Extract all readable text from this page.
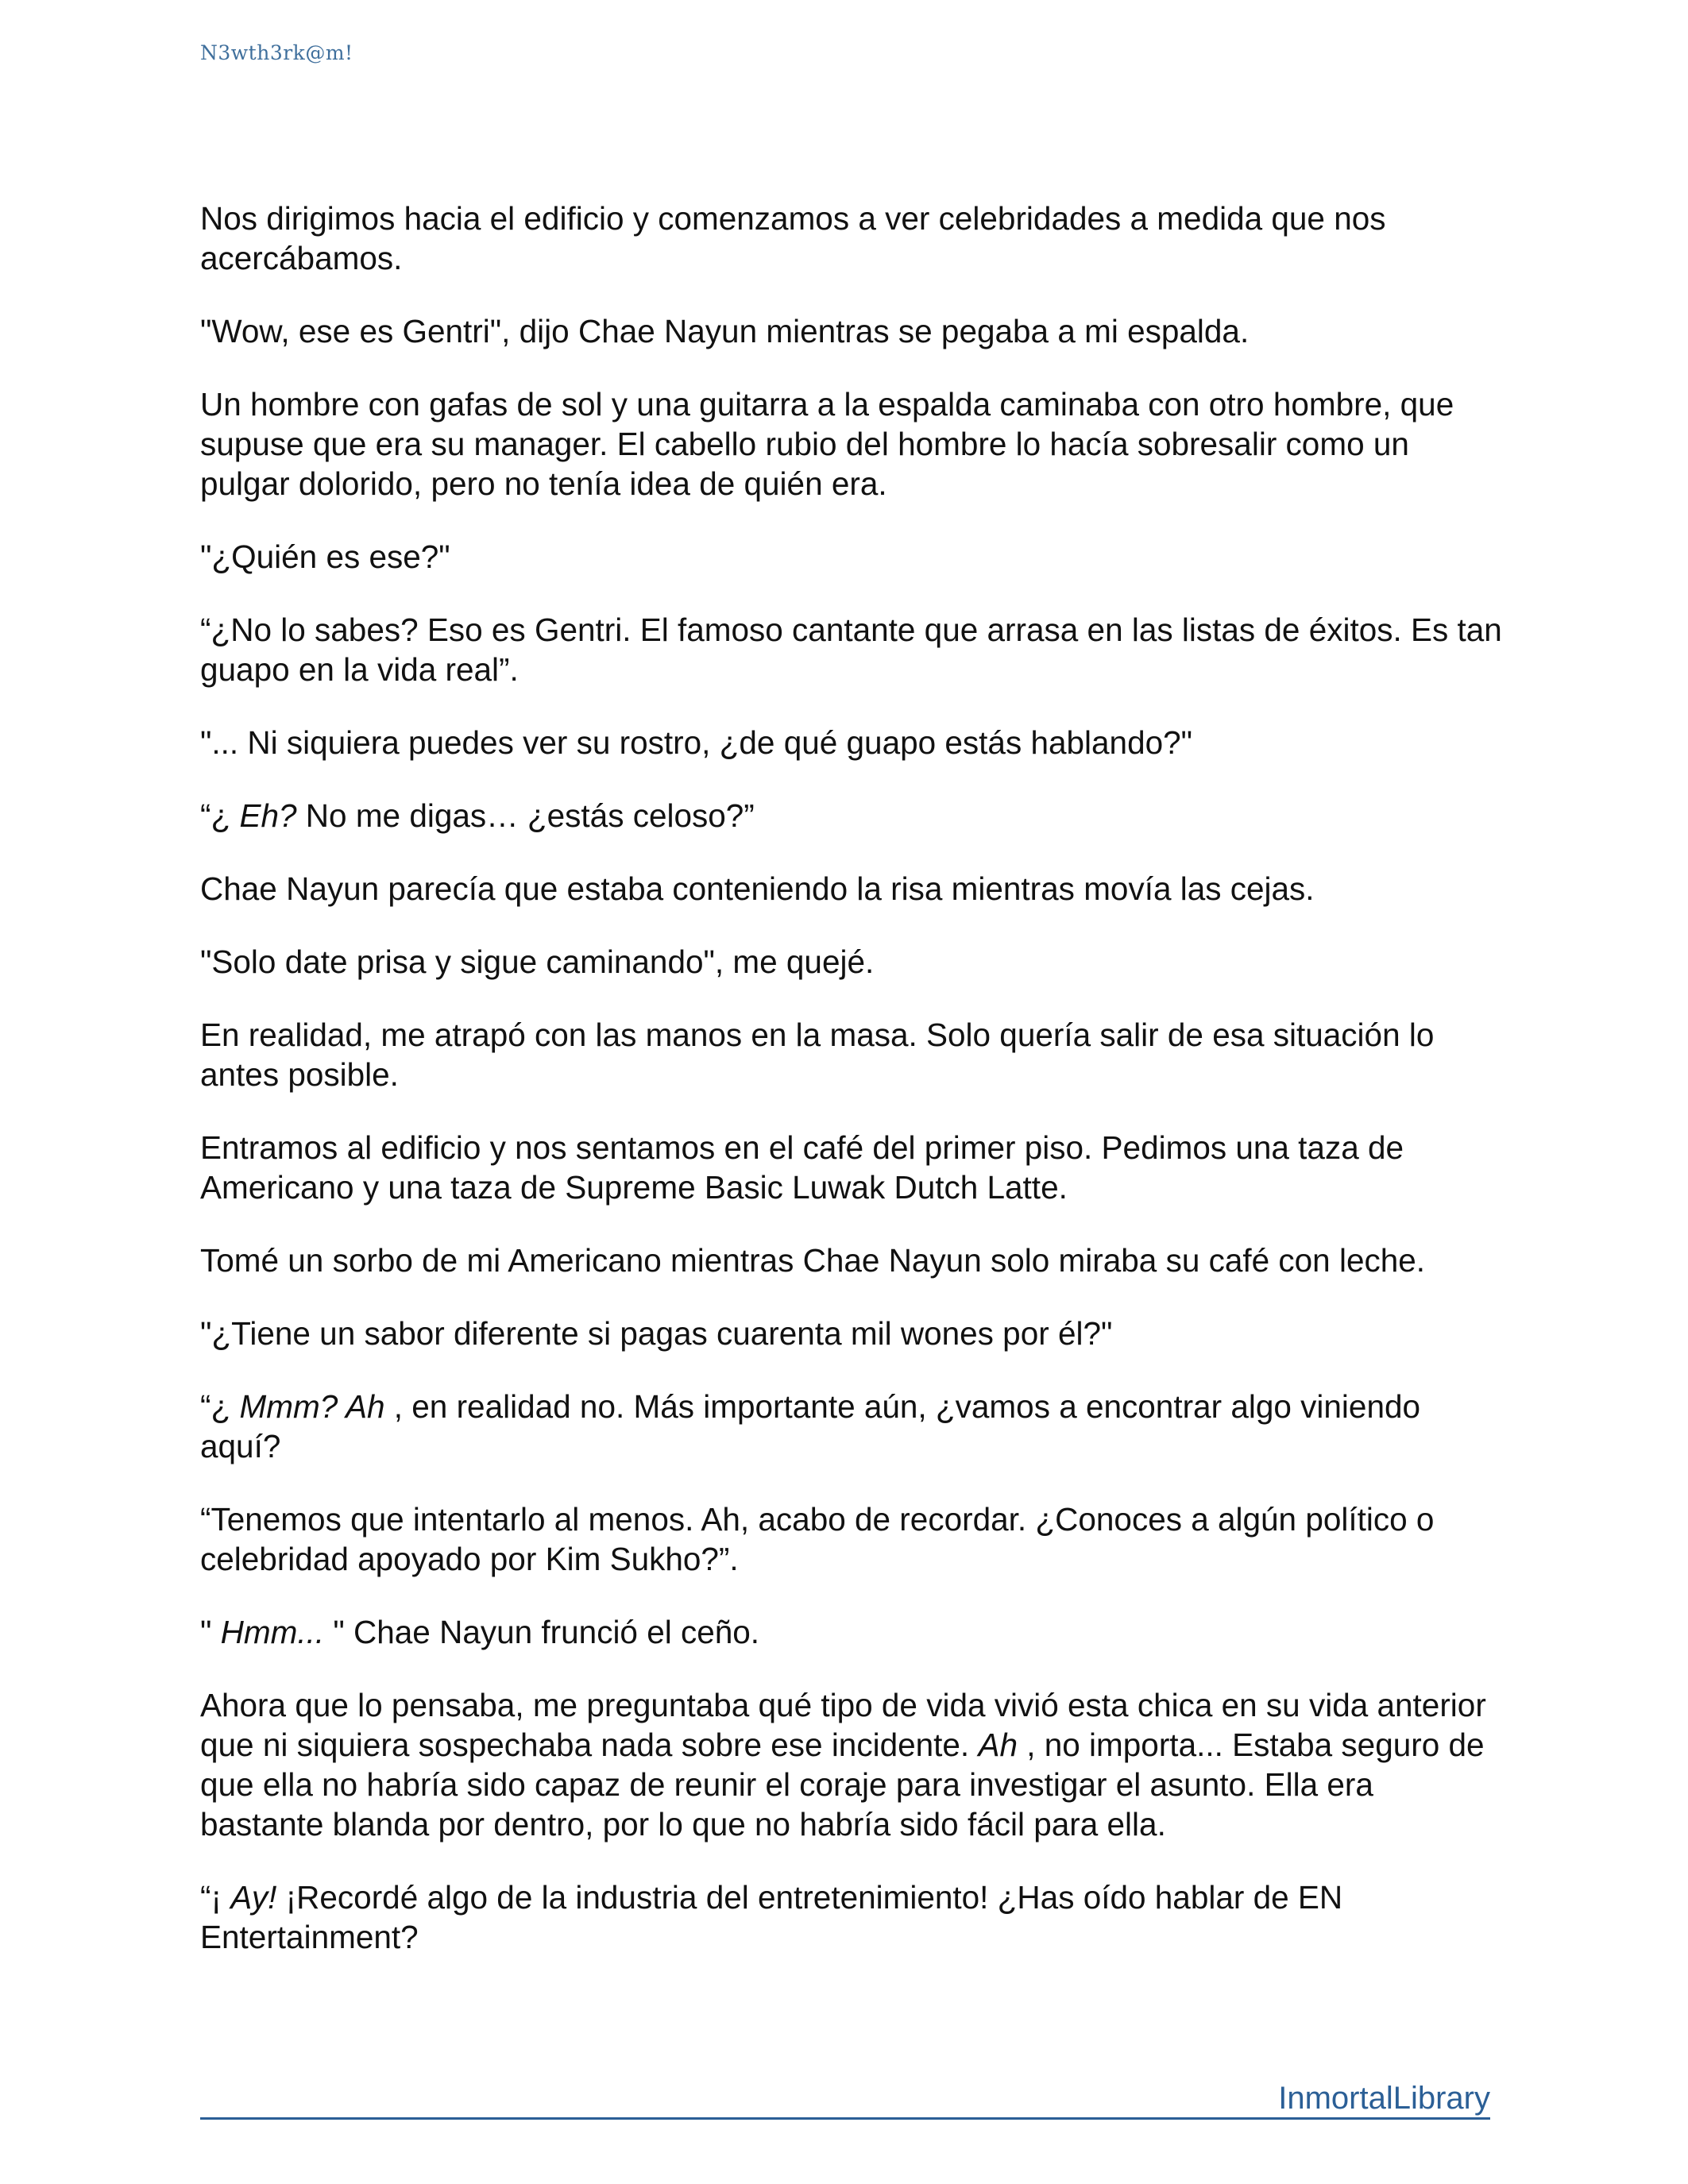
N3wth3rk@m!

Nos dirigimos hacia el edificio y comenzamos a ver celebridades a medida que nos acercábamos.

"Wow, ese es Gentri", dijo Chae Nayun mientras se pegaba a mi espalda.

Un hombre con gafas de sol y una guitarra a la espalda caminaba con otro hombre, que supuse que era su manager. El cabello rubio del hombre lo hacía sobresalir como un pulgar dolorido, pero no tenía idea de quién era.

"¿Quién es ese?"

“¿No lo sabes? Eso es Gentri. El famoso cantante que arrasa en las listas de éxitos. Es tan guapo en la vida real”.

"... Ni siquiera puedes ver su rostro, ¿de qué guapo estás hablando?"

“¿ Eh? No me digas… ¿estás celoso?”

Chae Nayun parecía que estaba conteniendo la risa mientras movía las cejas.

"Solo date prisa y sigue caminando", me quejé.

En realidad, me atrapó con las manos en la masa. Solo quería salir de esa situación lo antes posible.

Entramos al edificio y nos sentamos en el café del primer piso. Pedimos una taza de Americano y una taza de Supreme Basic Luwak Dutch Latte.

Tomé un sorbo de mi Americano mientras Chae Nayun solo miraba su café con leche.

"¿Tiene un sabor diferente si pagas cuarenta mil wones por él?"

“¿ Mmm? Ah , en realidad no. Más importante aún, ¿vamos a encontrar algo viniendo aquí?

“Tenemos que intentarlo al menos. Ah, acabo de recordar. ¿Conoces a algún político o celebridad apoyado por Kim Sukho?”.

" Hmm... " Chae Nayun frunció el ceño.

Ahora que lo pensaba, me preguntaba qué tipo de vida vivió esta chica en su vida anterior que ni siquiera sospechaba nada sobre ese incidente. Ah , no importa... Estaba seguro de que ella no habría sido capaz de reunir el coraje para investigar el asunto. Ella era bastante blanda por dentro, por lo que no habría sido fácil para ella.

“¡ Ay! ¡Recordé algo de la industria del entretenimiento! ¿Has oído hablar de EN Entertainment?

InmortalLibrary
